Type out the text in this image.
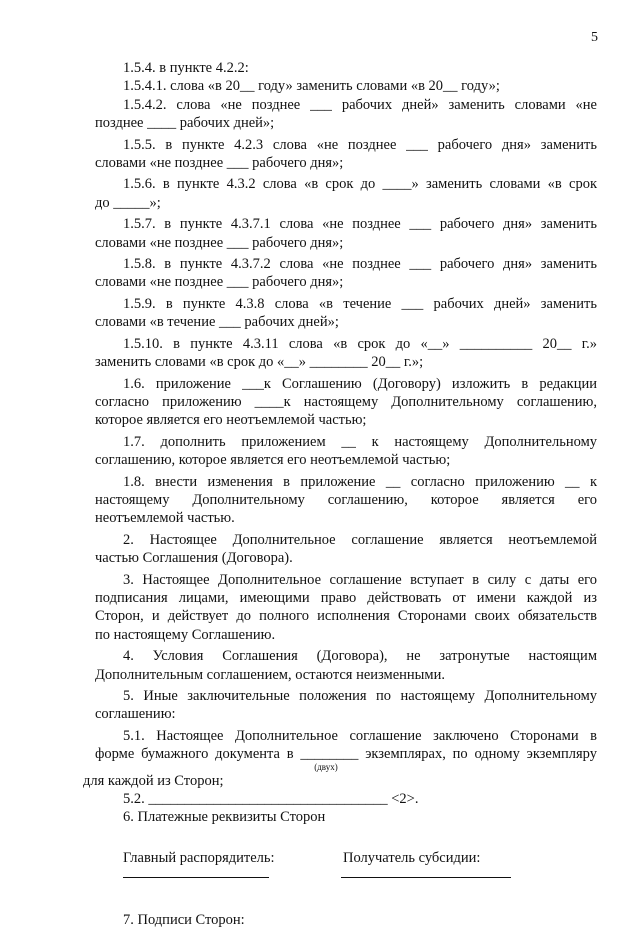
5

1.5.4. в пункте 4.2.2:

1.5.4.1. слова «в 20__ году» заменить словами «в 20__ году»;

1.5.4.2. слова «не позднее ___ рабочих дней» заменить словами «не

позднее ____ рабочих дней»;

1.5.5. в пункте 4.2.3 слова «не позднее ___ рабочего дня» заменить

словами «не позднее ___ рабочего дня»;

1.5.6. в пункте 4.3.2 слова «в срок до ____» заменить словами «в срок

до _____»;

1.5.7. в пункте 4.3.7.1 слова «не позднее ___ рабочего дня» заменить

словами «не позднее ___ рабочего дня»;

1.5.8. в пункте 4.3.7.2 слова «не позднее ___ рабочего дня» заменить

словами «не позднее ___ рабочего дня»;

1.5.9. в пункте 4.3.8 слова «в течение ___ рабочих дней» заменить

словами «в течение ___ рабочих дней»;

1.5.10. в пункте 4.3.11 слова «в срок до «__» __________ 20__ г.»

заменить словами «в срок до «__» ________ 20__ г.»;

1.6. приложение ___к Соглашению (Договору) изложить в редакции

согласно приложению ____к настоящему Дополнительному соглашению,

которое является его неотъемлемой частью;

1.7. дополнить приложением __ к настоящему Дополнительному

соглашению, которое является его неотъемлемой частью;

1.8. внести изменения в приложение __ согласно приложению __ к

настоящему Дополнительному соглашению, которое является его

неотъемлемой частью.

2. Настоящее Дополнительное соглашение является неотъемлемой

частью Соглашения (Договора).

3. Настоящее Дополнительное соглашение вступает в силу с даты его

подписания лицами, имеющими право действовать от имени каждой из

Сторон, и действует до полного исполнения Сторонами своих обязательств

по настоящему Соглашению.

4. Условия Соглашения (Договора), не затронутые настоящим

Дополнительным соглашением, остаются неизменными.

5. Иные заключительные положения по настоящему Дополнительному

соглашению:

5.1. Настоящее Дополнительное соглашение заключено Сторонами в

форме бумажного документа в ________ экземплярах, по одному экземпляру

(двух)

для каждой из Сторон;

5.2. _________________________________ <2>.

6. Платежные реквизиты Сторон

Главный распорядитель:	Получатель субсидии:

7. Подписи Сторон:
